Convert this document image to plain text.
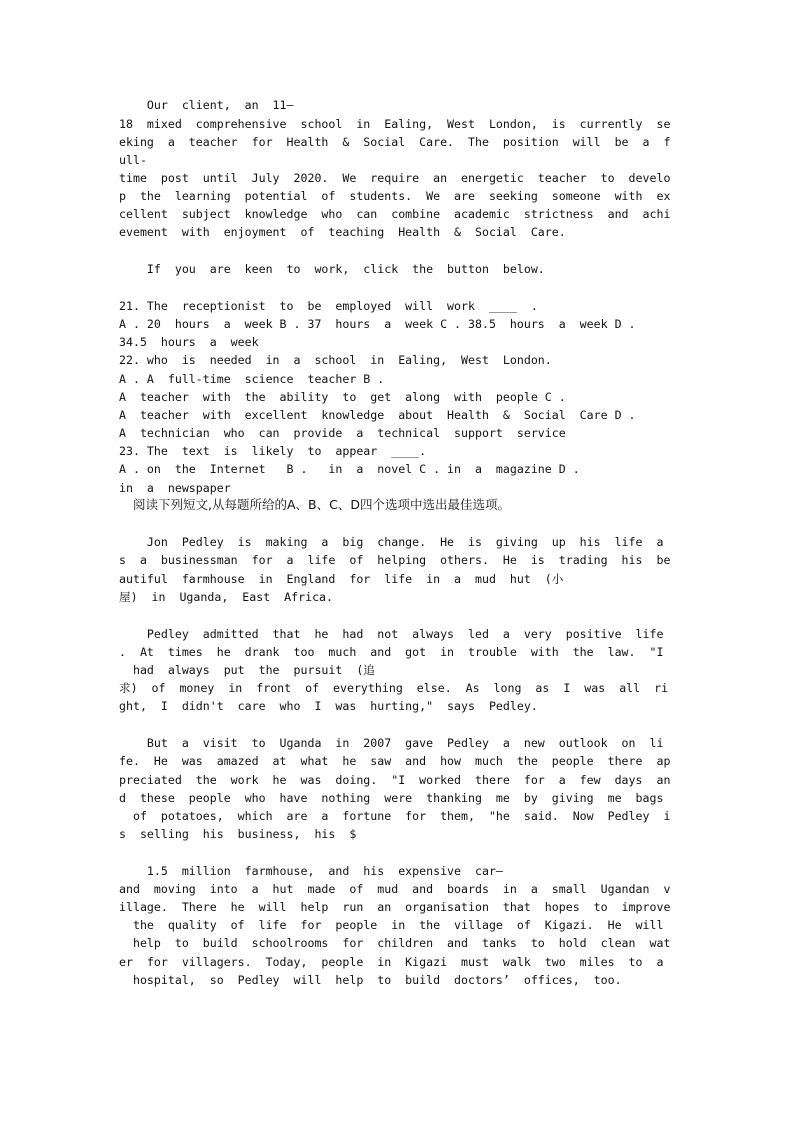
Our  client,  an  11—
18  mixed  comprehensive  school  in  Ealing,  West  London,  is  currently  se
eking  a  teacher  for  Health  &  Social  Care.  The  position  will  be  a  f
ull-
time  post  until  July  2020.  We  require  an  energetic  teacher  to  develo
p  the  learning  potential  of  students.  We  are  seeking  someone  with  ex
cellent  subject  knowledge  who  can  combine  academic  strictness  and  achi
evement  with  enjoyment  of  teaching  Health  &  Social  Care.
If  you  are  keen  to  work,  click  the  button  below.
21. The  receptionist  to  be  employed  will  work  ____  .
A . 20  hours  a  week B . 37  hours  a  week C . 38.5  hours  a  week D .
34.5  hours  a  week
22. who  is  needed  in  a  school  in  Ealing,  West  London.
A . A  full-time  science  teacher B .
A  teacher  with  the  ability  to  get  along  with  people C .
A  teacher  with  excellent  knowledge  about  Health  &  Social  Care D .
A  technician  who  can  provide  a  technical  support  service
23. The  text  is  likely  to  appear  ____.
A . on  the  Internet   B .   in  a  novel C . in  a  magazine D .
in  a  newspaper
阅读下列短文,从每题所给的A、B、C、D四个选项中选出最佳选项。
Jon  Pedley  is  making  a  big  change.  He  is  giving  up  his  life  a
s  a  businessman  for  a  life  of  helping  others.  He  is  trading  his  be
autiful  farmhouse  in  England  for  life  in  a  mud  hut  (小
屋)  in  Uganda,  East  Africa.
Pedley  admitted  that  he  had  not  always  led  a  very  positive  life
.  At  times  he  drank  too  much  and  got  in  trouble  with  the  law.  "I
had  always  put  the  pursuit  (追
求)  of  money  in  front  of  everything  else.  As  long  as  I  was  all  ri
ght,  I  didn't  care  who  I  was  hurting,"  says  Pedley.
But  a  visit  to  Uganda  in  2007  gave  Pedley  a  new  outlook  on  li
fe.  He  was  amazed  at  what  he  saw  and  how  much  the  people  there  ap
preciated  the  work  he  was  doing.  "I  worked  there  for  a  few  days  an
d  these  people  who  have  nothing  were  thanking  me  by  giving  me  bags
of  potatoes,  which  are  a  fortune  for  them,  "he  said.  Now  Pedley  i
s  selling  his  business,  his  $
1.5  million  farmhouse,  and  his  expensive  car—
and  moving  into  a  hut  made  of  mud  and  boards  in  a  small  Ugandan  v
illage.  There  he  will  help  run  an  organisation  that  hopes  to  improve
the  quality  of  life  for  people  in  the  village  of  Kigazi.  He  will
help  to  build  schoolrooms  for  children  and  tanks  to  hold  clean  wat
er  for  villagers.  Today,  people  in  Kigazi  must  walk  two  miles  to  a
hospital,  so  Pedley  will  help  to  build  doctors’  offices,  too.
